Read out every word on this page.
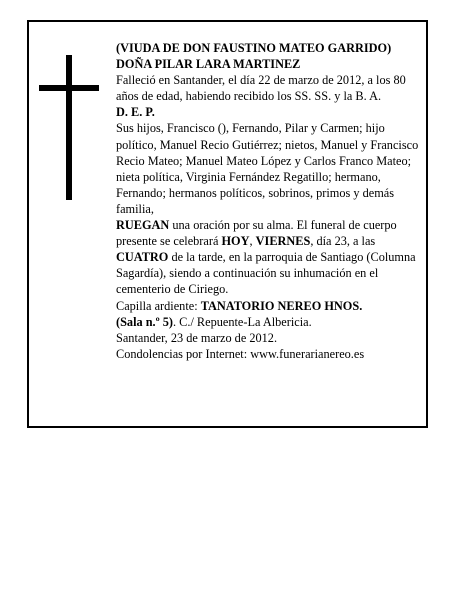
(VIUDA DE DON FAUSTINO MATEO GARRIDO)

DOÑA PILAR LARA MARTINEZ

Falleció en Santander, el día 22 de marzo de 2012, a los 80 años de edad, habiendo recibido los SS. SS. y la B. A.

D. E. P.

Sus hijos, Francisco (), Fernando, Pilar y Carmen; hijo político, Manuel Recio Gutiérrez; nietos, Manuel y Francisco Recio Mateo; Manuel Mateo López y Carlos Franco Mateo; nieta política, Virginia Fernández Regatillo; hermano, Fernando; hermanos políticos, sobrinos, primos y demás familia,

RUEGAN una oración por su alma. El funeral de cuerpo presente se celebrará HOY, VIERNES, día 23, a las CUATRO de la tarde, en la parroquia de Santiago (Columna Sagardía), siendo a continuación su inhumación en el cementerio de Ciriego.

Capilla ardiente: TANATORIO NEREO HNOS.
(Sala n.º 5). C./ Repuente-La Albericia.

Santander, 23 de marzo de 2012.

Condolencias por Internet: www.funerarianereo.es
